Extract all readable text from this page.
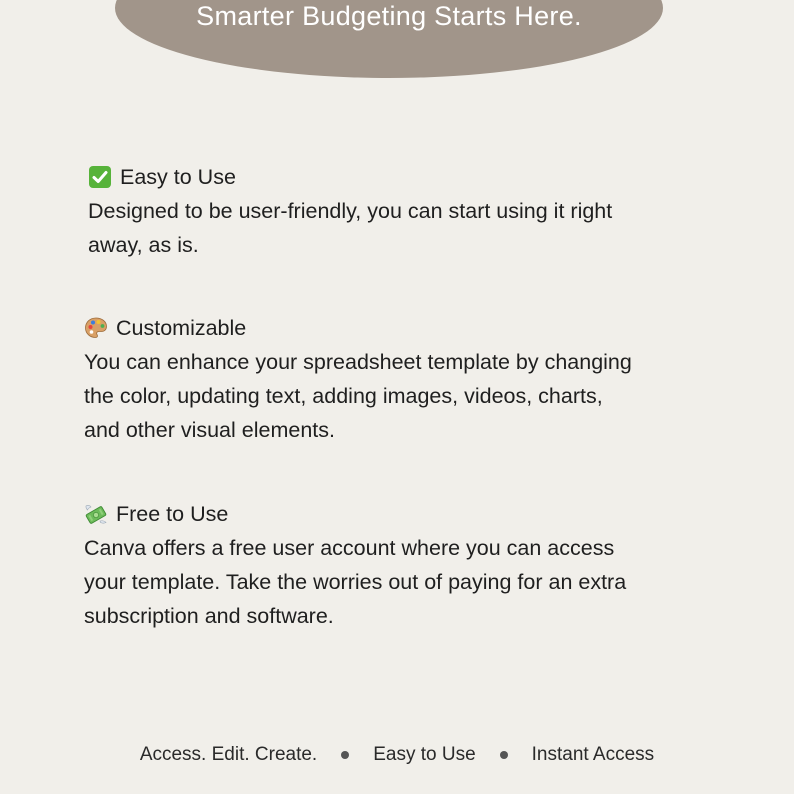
Smarter Budgeting Starts Here.
Easy to Use
Designed to be user-friendly, you can start using it right
away, as is.
Customizable
You can enhance your spreadsheet template by changing
the color, updating text, adding images, videos, charts,
and other visual elements.
Free to Use
Canva offers a free user account where you can access
your template. Take the worries out of paying for an extra
subscription and software.
Access. Edit. Create.	Easy to Use	Instant Access
